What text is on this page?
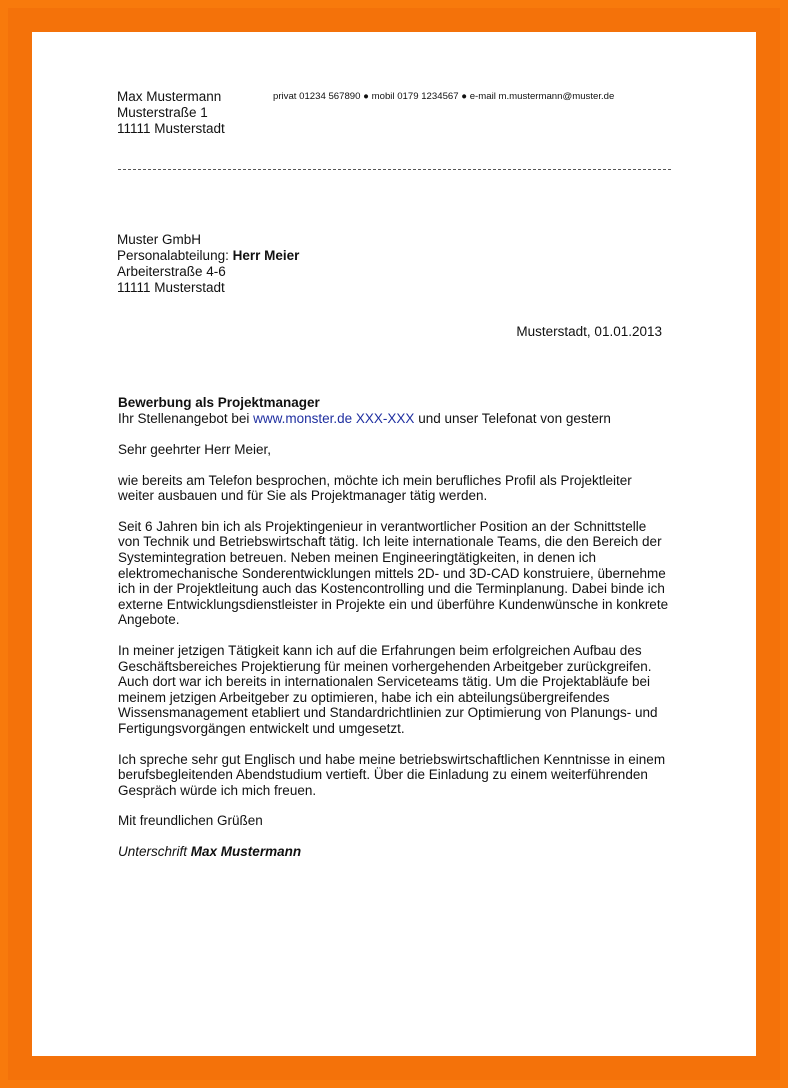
Max Mustermann
Musterstraße 1
11111 Musterstadt
privat 01234 567890 ● mobil 0179 1234567 ● e-mail m.mustermann@muster.de
Muster GmbH
Personalabteilung: Herr Meier
Arbeiterstraße 4-6
11111 Musterstadt
Musterstadt, 01.01.2013
Bewerbung als Projektmanager
Ihr Stellenangebot bei www.monster.de XXX-XXX und unser Telefonat von gestern

Sehr geehrter Herr Meier,

wie bereits am Telefon besprochen, möchte ich mein berufliches Profil als Projektleiter weiter ausbauen und für Sie als Projektmanager tätig werden.

Seit 6 Jahren bin ich als Projektingenieur in verantwortlicher Position an der Schnittstelle von Technik und Betriebswirtschaft tätig. Ich leite internationale Teams, die den Bereich der Systemintegration betreuen. Neben meinen Engineeringtätigkeiten, in denen ich elektromechanische Sonderentwicklungen mittels 2D- und 3D-CAD konstruiere, übernehme ich in der Projektleitung auch das Kostencontrolling und die Terminplanung. Dabei binde ich externe Entwicklungsdienstleister in Projekte ein und überführe Kundenwünsche in konkrete Angebote.

In meiner jetzigen Tätigkeit kann ich auf die Erfahrungen beim erfolgreichen Aufbau des Geschäftsbereiches Projektierung für meinen vorhergehenden Arbeitgeber zurückgreifen. Auch dort war ich bereits in internationalen Serviceteams tätig. Um die Projektabläufe bei meinem jetzigen Arbeitgeber zu optimieren, habe ich ein abteilungsübergreifendes Wissensmanagement etabliert und Standardrichtlinien zur Optimierung von Planungs- und Fertigungsvorgängen entwickelt und umgesetzt.

Ich spreche sehr gut Englisch und habe meine betriebswirtschaftlichen Kenntnisse in einem berufsbegleitenden Abendstudium vertieft. Über die Einladung zu einem weiterführenden Gespräch würde ich mich freuen.

Mit freundlichen Grüßen

Unterschrift Max Mustermann
